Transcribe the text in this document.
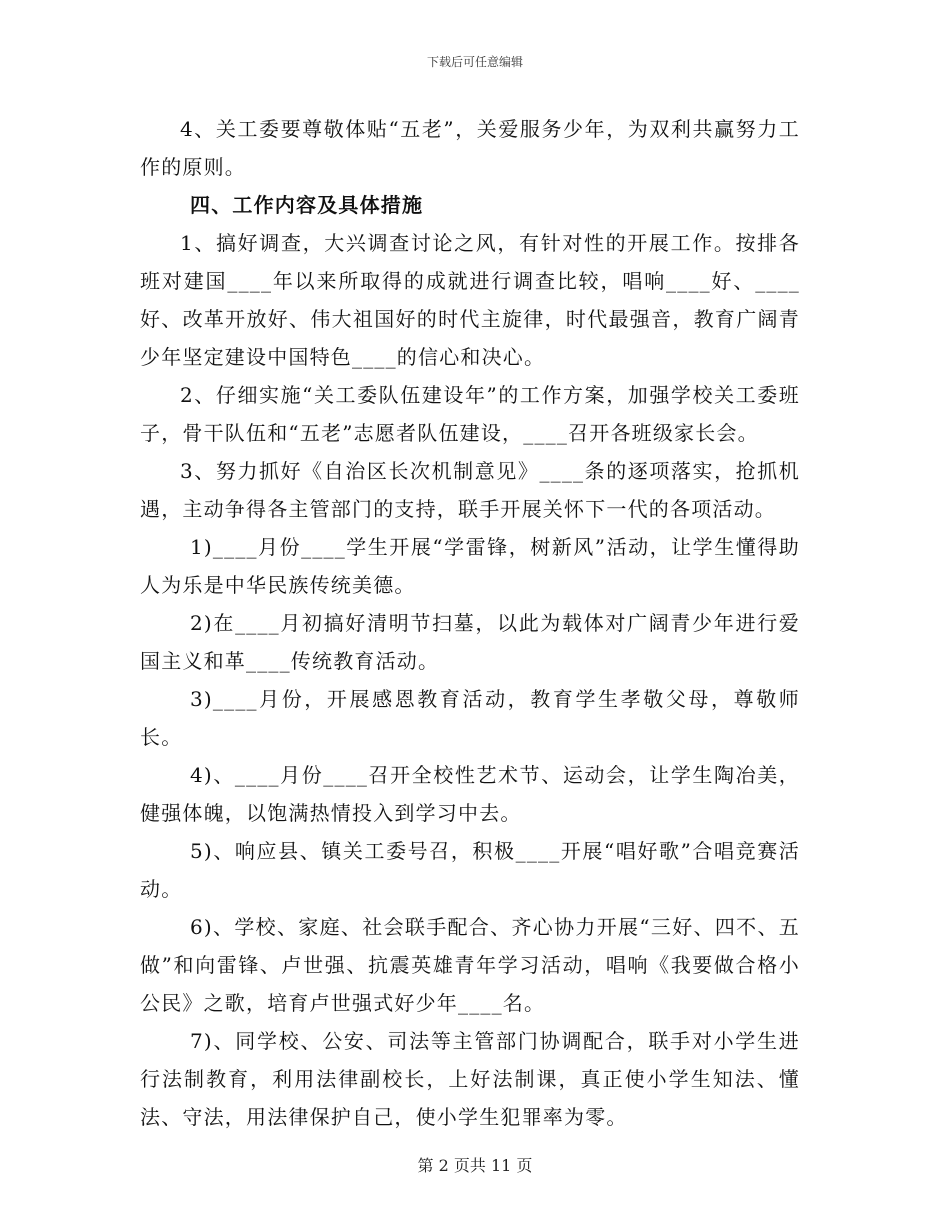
下载后可任意编辑

4、关工委要尊敬体贴“五老”，关爱服务少年，为双利共赢努力工作的原则。

四、工作内容及具体措施

1、搞好调查，大兴调查讨论之风，有针对性的开展工作。按排各班对建国____年以来所取得的成就进行调查比较，唱响____好、____好、改革开放好、伟大祖国好的时代主旋律，时代最强音，教育广阔青少年坚定建设中国特色____的信心和决心。

2、仔细实施“关工委队伍建设年”的工作方案，加强学校关工委班子，骨干队伍和“五老”志愿者队伍建设，____召开各班级家长会。

3、努力抓好《自治区长次机制意见》____条的逐项落实，抢抓机遇，主动争得各主管部门的支持，联手开展关怀下一代的各项活动。

1)____月份____学生开展“学雷锋，树新风”活动，让学生懂得助人为乐是中华民族传统美德。

2)在____月初搞好清明节扫墓，以此为载体对广阔青少年进行爱国主义和革____传统教育活动。

3)____月份，开展感恩教育活动，教育学生孝敬父母，尊敬师长。

4)、____月份____召开全校性艺术节、运动会，让学生陶冶美，健强体魄，以饱满热情投入到学习中去。

5)、响应县、镇关工委号召，积极____开展“唱好歌”合唱竞赛活动。

6)、学校、家庭、社会联手配合、齐心协力开展“三好、四不、五做”和向雷锋、卢世强、抗震英雄青年学习活动，唱响《我要做合格小公民》之歌，培育卢世强式好少年____名。

7)、同学校、公安、司法等主管部门协调配合，联手对小学生进行法制教育，利用法律副校长，上好法制课，真正使小学生知法、懂法、守法，用法律保护自己，使小学生犯罪率为零。

第 2 页共 11 页
